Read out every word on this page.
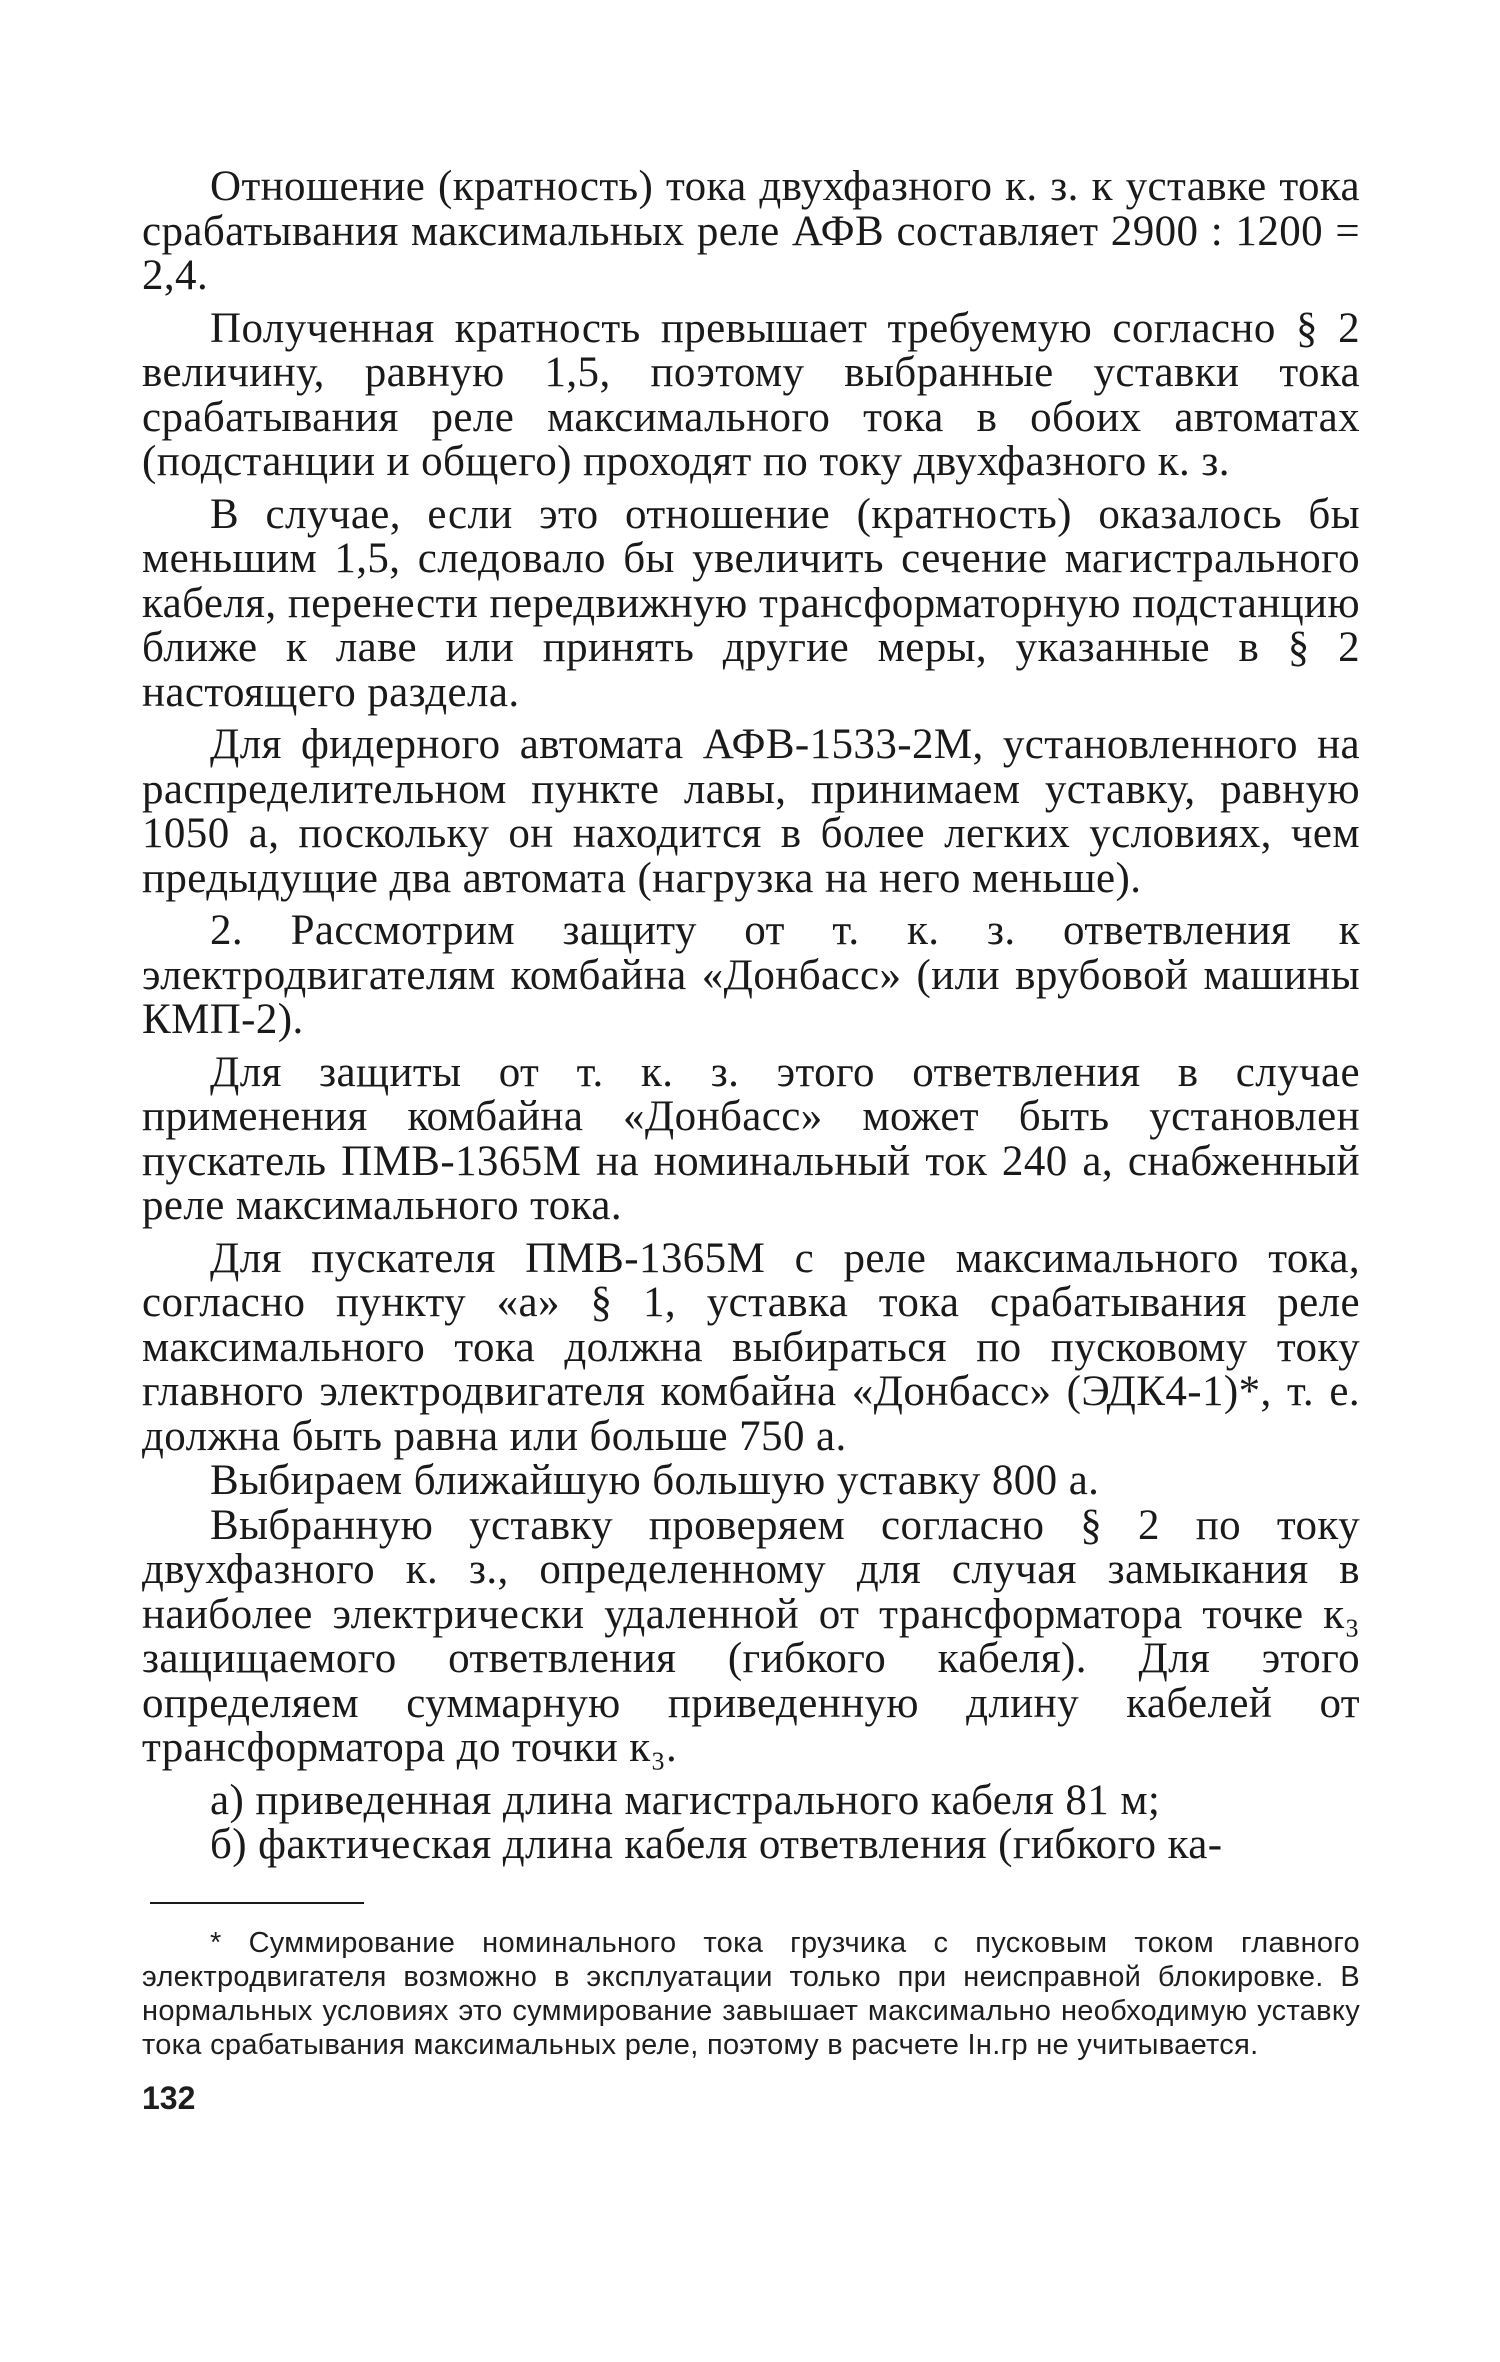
Отношение (кратность) тока двухфазного к. з. к уставке тока срабатывания максимальных реле АФВ составляет 2900 : 1200 = 2,4.

Полученная кратность превышает требуемую согласно § 2 величину, равную 1,5, поэтому выбранные уставки тока срабатывания реле максимального тока в обоих автоматах (подстанции и общего) проходят по току двухфазного к. з.

В случае, если это отношение (кратность) оказалось бы меньшим 1,5, следовало бы увеличить сечение магистрального кабеля, перенести передвижную трансформаторную подстанцию ближе к лаве или принять другие меры, указанные в § 2 настоящего раздела.

Для фидерного автомата АФВ-1533-2М, установленного на распределительном пункте лавы, принимаем уставку, равную 1050 а, поскольку он находится в более легких условиях, чем предыдущие два автомата (нагрузка на него меньше).

2. Рассмотрим защиту от т. к. з. ответвления к электродвигателям комбайна «Донбасс» (или врубовой машины КМП-2).

Для защиты от т. к. з. этого ответвления в случае применения комбайна «Донбасс» может быть установлен пускатель ПМВ-1365М на номинальный ток 240 а, снабженный реле максимального тока.

Для пускателя ПМВ-1365М с реле максимального тока, согласно пункту «а» § 1, уставка тока срабатывания реле максимального тока должна выбираться по пусковому току главного электродвигателя комбайна «Донбасс» (ЭДК4-1)*, т. е. должна быть равна или больше 750 а.

Выбираем ближайшую большую уставку 800 а.

Выбранную уставку проверяем согласно § 2 по току двухфазного к. з., определенному для случая замыкания в наиболее электрически удаленной от трансформатора точке к₃ защищаемого ответвления (гибкого кабеля). Для этого определяем суммарную приведенную длину кабелей от трансформатора до точки к₃.

а) приведенная длина магистрального кабеля 81 м;

б) фактическая длина кабеля ответвления (гибкого ка-

* Суммирование номинального тока грузчика с пусковым током главного электродвигателя возможно в эксплуатации только при неисправной блокировке. В нормальных условиях это суммирование завышает максимально необходимую уставку тока срабатывания максимальных реле, поэтому в расчете Iн.гр не учитывается.

132
